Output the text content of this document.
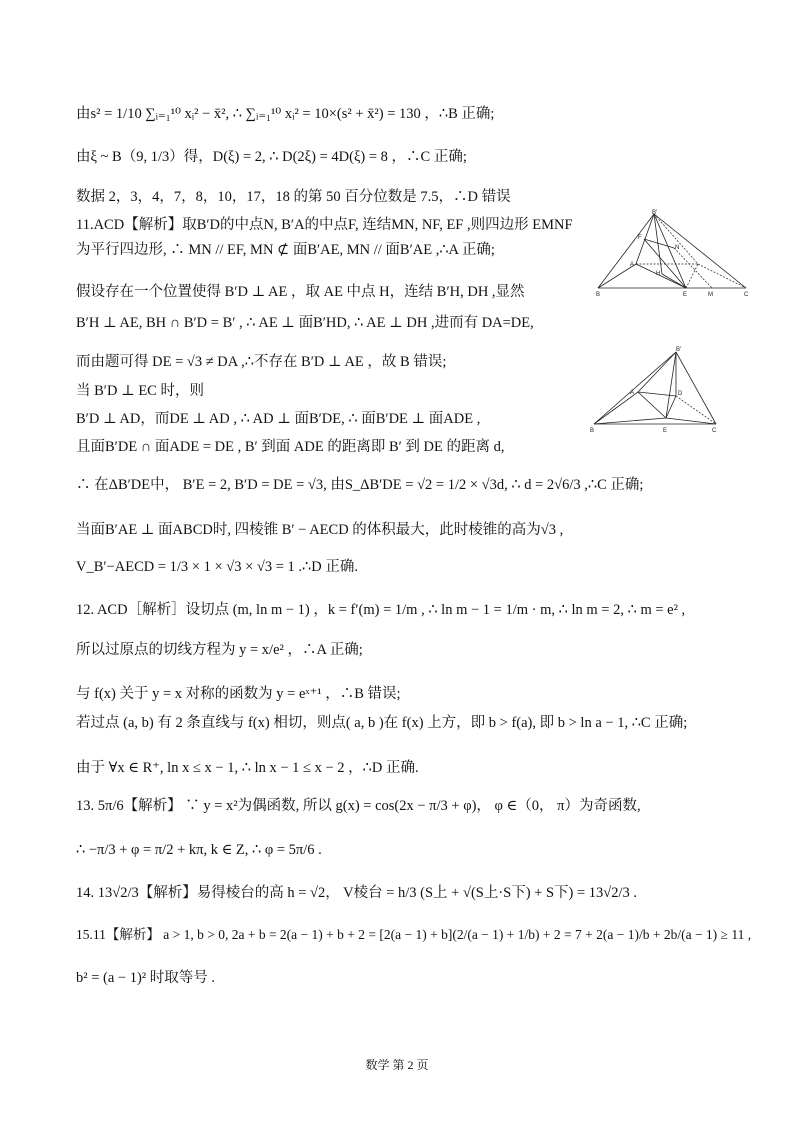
由s² = 1/10 ∑ᵢ₌₁¹⁰ xᵢ² − x̄², ∴ ∑ᵢ₌₁¹⁰ xᵢ² = 10×(s² + x̄²) = 130 ，∴B 正确;
由ξ ~ B（9, 1/3）得，D(ξ) = 2, ∴ D(2ξ) = 4D(ξ) = 8 ，∴C 正确;
数据 2，3，4，7，8，10，17，18 的第 50 百分位数是 7.5，∴D 错误
11.ACD【解析】取B′D的中点N, B′A的中点F, 连结MN, NF, EF ,则四边形 EMNF
为平行四边形, ∴ MN // EF, MN ⊄ 面B′AE, MN // 面B′AE ,∴A 正确;
假设存在一个位置使得 B′D ⊥ AE ，取 AE 中点 H，连结 B′H, DH ,显然
B′H ⊥ AE, BH ∩ B′D = B′ , ∴ AE ⊥ 面B′HD, ∴ AE ⊥ DH ,进而有 DA=DE,
而由题可得 DE = √3 ≠ DA ,∴不存在 B′D ⊥ AE ，故 B 错误;
当 B′D ⊥ EC 时，则
B′D ⊥ AD，而DE ⊥ AD , ∴ AD ⊥ 面B′DE, ∴ 面B′DE ⊥ 面ADE ,
且面B′DE ∩ 面ADE = DE , B′ 到面 ADE 的距离即 B′ 到 DE 的距离 d,
∴ 在ΔB′DE中， B′E = 2, B′D = DE = √3, 由S_ΔB′DE = √2 = 1/2 × √3d, ∴ d = 2√6/3 ,∴C 正确;
当面B′AE ⊥ 面ABCD时, 四棱锥 B′ − AECD 的体积最大，此时棱锥的高为√3 ,
V_B′−AECD = 1/3 × 1 × √3 × √3 = 1 .∴D 正确.
12. ACD［解析］设切点 (m, ln m − 1) ，k = f′(m) = 1/m , ∴ ln m − 1 = 1/m · m, ∴ ln m = 2, ∴ m = e² ,
所以过原点的切线方程为 y = x/e² ，∴A 正确;
与 f(x) 关于 y = x 对称的函数为 y = eˣ⁺¹ ，∴B 错误;
若过点 (a, b) 有 2 条直线与 f(x) 相切，则点( a, b )在 f(x) 上方，即 b > f(a), 即 b > ln a − 1, ∴C 正确;
由于 ∀x ∈ R⁺, ln x ≤ x − 1, ∴ ln x − 1 ≤ x − 2 ，∴D 正确.
13. 5π/6【解析】 ∵ y = x²为偶函数, 所以 g(x) = cos(2x − π/3 + φ)， φ ∈（0， π）为奇函数,
∴ −π/3 + φ = π/2 + kπ, k ∈ Z, ∴ φ = 5π/6 .
14. 13√2/3【解析】易得棱台的高 h = √2， V棱台 = h/3 (S上 + √(S上·S下) + S下) = 13√2/3 .
15.11【解析】 a > 1, b > 0, 2a + b = 2(a − 1) + b + 2 = [2(a − 1) + b](2/(a − 1) + 1/b) + 2 = 7 + 2(a − 1)/b + 2b/(a − 1) ≥ 11 ,
b² = (a − 1)² 时取等号 .
B′
F
A
N
H
B	E	M	C
B′
A	D
B	E	C
数学 第 2 页
